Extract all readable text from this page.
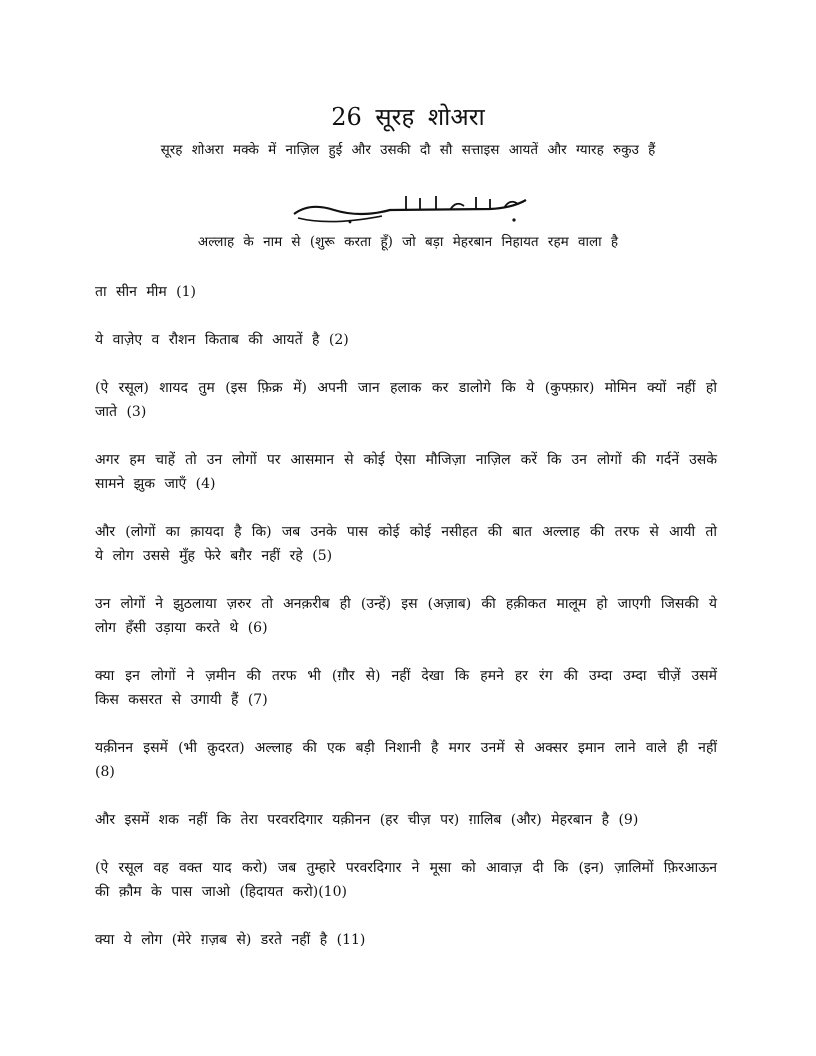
26 सूरह शोअरा
सूरह शोअरा मक्के में नाज़िल हुई और उसकी दौ सौ सत्ताइस आयतें और ग्यारह रुकुउ हैं
अल्लाह के नाम से (शुरू करता हूँ) जो बड़ा मेहरबान निहायत रहम वाला है

ता सीन मीम (1)

ये वाज़ेए व रौशन किताब की आयतें है (2)

(ऐ रसूल) शायद तुम (इस फ़िक्र में) अपनी जान हलाक कर डालोगे कि ये (कुफ्फ़ार) मोमिन क्यों नहीं हो जाते (3)

अगर हम चाहें तो उन लोगों पर आसमान से कोई ऐसा मौजिज़ा नाज़िल करें कि उन लोगों की गर्दनें उसके सामने झुक जाएँ (4)

और (लोगों का क़ायदा है कि) जब उनके पास कोई कोई नसीहत की बात अल्लाह की तरफ से आयी तो ये लोग उससे मुँह फेरे बग़ैर नहीं रहे (5)

उन लोगों ने झुठलाया ज़रुर तो अनक़रीब ही (उन्हें) इस (अज़ाब) की हक़ीकत मालूम हो जाएगी जिसकी ये लोग हँसी उड़ाया करते थे (6)

क्या इन लोगों ने ज़मीन की तरफ भी (ग़ौर से) नहीं देखा कि हमने हर रंग की उम्दा उम्दा चीज़ें उसमें किस कसरत से उगायी हैं (7)

यक़ीनन इसमें (भी क़ुदरत) अल्लाह की एक बड़ी निशानी है मगर उनमें से अक्सर इमान लाने वाले ही नहीं (8)

और इसमें शक नहीं कि तेरा परवरदिगार यक़ीनन (हर चीज़ पर) ग़ालिब (और) मेहरबान है (9)

(ऐ रसूल वह वक्त याद करो) जब तुम्हारे परवरदिगार ने मूसा को आवाज़ दी कि (इन) ज़ालिमों फ़िरआऊन की क़ौम के पास जाओ (हिदायत करो)(10)

क्या ये लोग (मेरे ग़ज़ब से) डरते नहीं है (11)
